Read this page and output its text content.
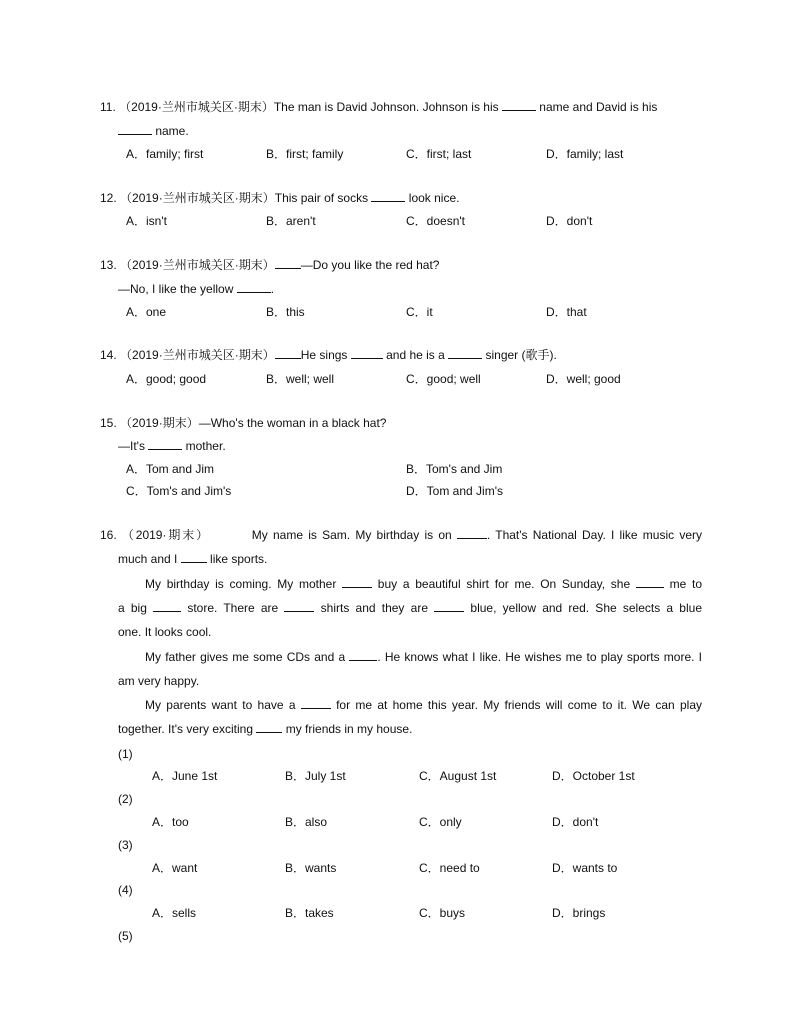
11. （2019·兰州市城关区·期末）The man is David Johnson. Johnson is his	name and David is his
name.
A．family; first	B．first; family	C．first; last	D．family; last
12. （2019·兰州市城关区·期末）This pair of socks	look nice.
A．isn't	B．aren't	C．doesn't	D．don't
13. （2019·兰州市城关区·期末） —Do you like the red hat?
—No, I like the yellow	.
A．one	B．this	C．it	D．that
14. （2019·兰州市城关区·期末） He sings	and he is a	singer (歌手).
A．good; good	B．well; well	C．good; well	D．well; good
15. （2019·期末）—Who's the woman in a black hat?
—It's	mother.
A．Tom and Jim	B．Tom's and Jim
C．Tom's and Jim's	D．Tom and Jim's
16. （2019·期末）	My name is Sam. My birthday is on	. That's National Day. I like music very
much and I  like sports.
My birthday is coming. My mother	buy a beautiful shirt for me. On Sunday, she  me to
a big  store. There are	shirts and they are	blue, yellow and red. She selects a blue
one. It looks cool.
My father gives me some CDs and a . He knows what I like. He wishes me to play sports more. I
am very happy.
My parents want to have a	for me at home this year. My friends will come to it. We can play
together. It's very exciting  my friends in my house.
(1)
A．June 1st	B．July 1st	C．August 1st	D．October 1st
(2)
A．too	B．also	C．only	D．don't
(3)
A．want	B．wants	C．need to	D．wants to
(4)
A．sells	B．takes	C．buys	D．brings
(5)
